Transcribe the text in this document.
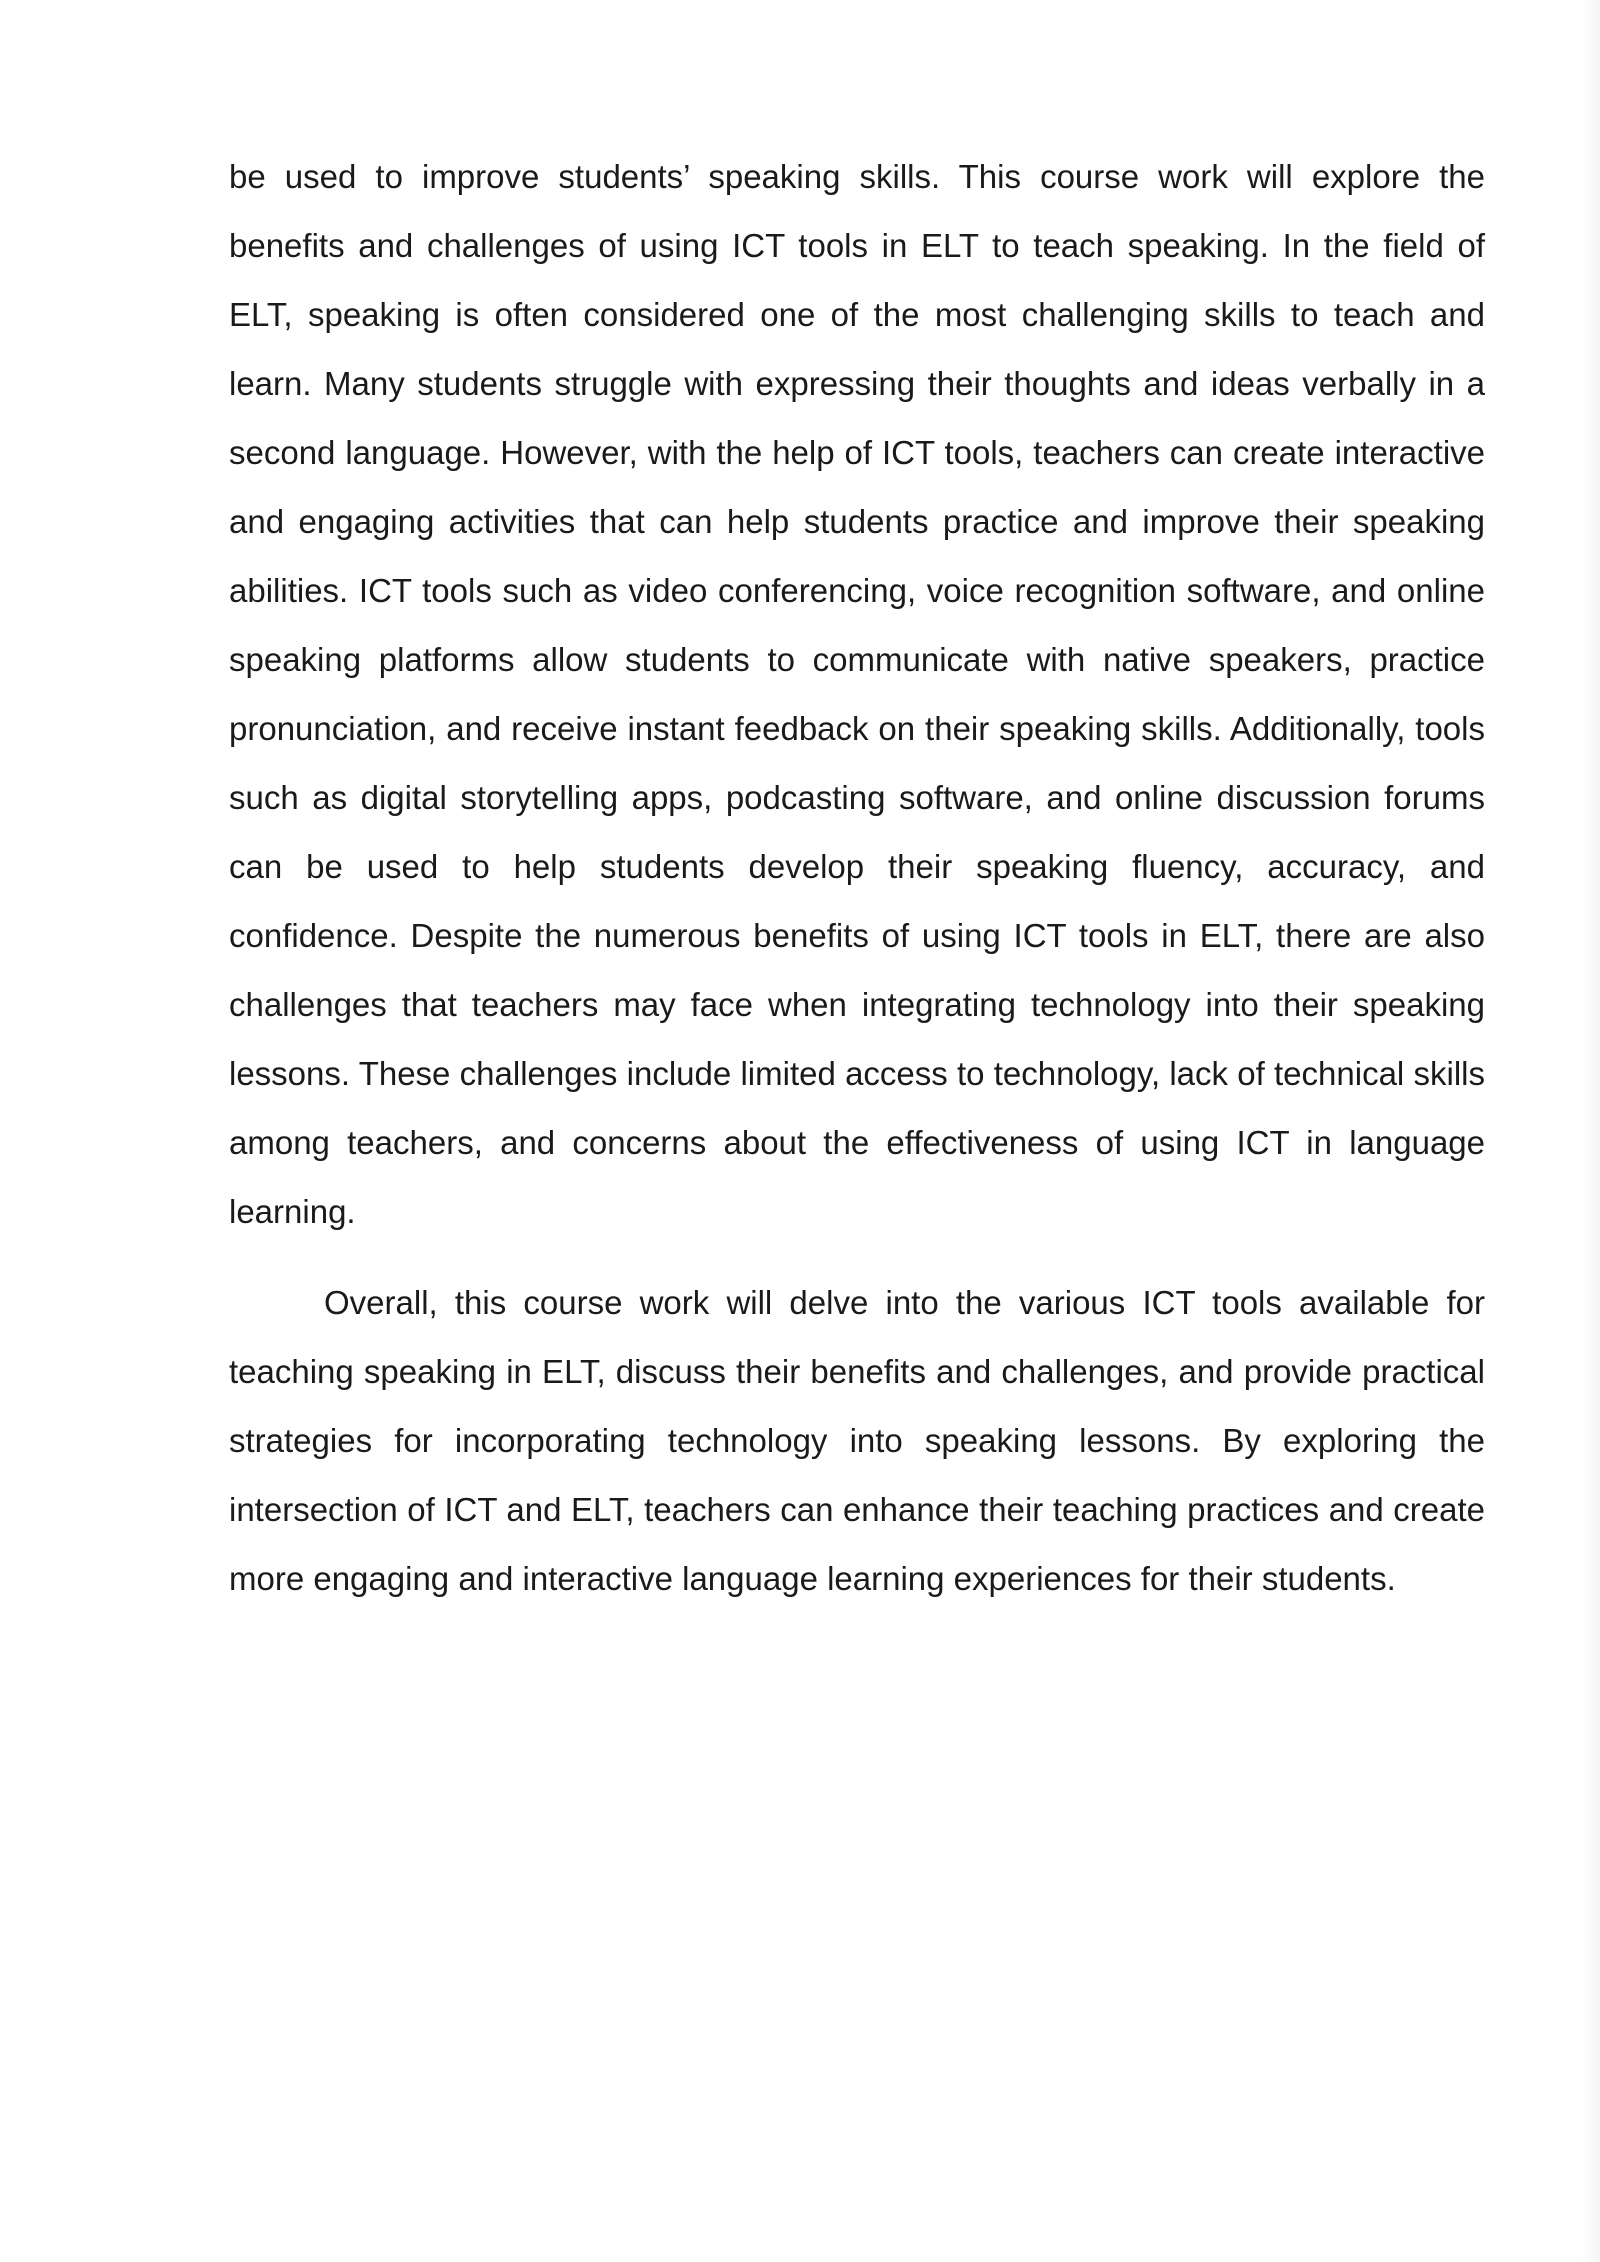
be used to improve students’ speaking skills. This course work will explore the benefits and challenges of using ICT tools in ELT to teach speaking. In the field of ELT, speaking is often considered one of the most challenging skills to teach and learn. Many students struggle with expressing their thoughts and ideas verbally in a second language. However, with the help of ICT tools, teachers can create interactive and engaging activities that can help students practice and improve their speaking abilities. ICT tools such as video conferencing, voice recognition software, and online speaking platforms allow students to communicate with native speakers, practice pronunciation, and receive instant feedback on their speaking skills. Additionally, tools such as digital storytelling apps, podcasting software, and online discussion forums can be used to help students develop their speaking fluency, accuracy, and confidence. Despite the numerous benefits of using ICT tools in ELT, there are also challenges that teachers may face when integrating technology into their speaking lessons. These challenges include limited access to technology, lack of technical skills among teachers, and concerns about the effectiveness of using ICT in language learning.

Overall, this course work will delve into the various ICT tools available for teaching speaking in ELT, discuss their benefits and challenges, and provide practical strategies for incorporating technology into speaking lessons. By exploring the intersection of ICT and ELT, teachers can enhance their teaching practices and create more engaging and interactive language learning experiences for their students.
